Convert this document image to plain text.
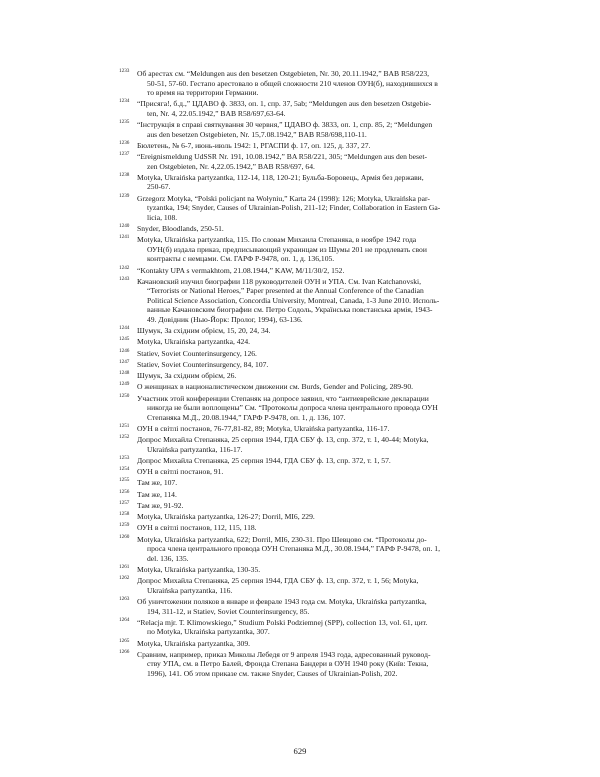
1233 Об арестах см. “Meldungen aus den besetzen Ostgebieten, Nr. 30, 20.11.1942,” BAB R58/223,
50-51, 57-60. Гестапо арестовало в общей сложности 210 членов ОУН(б), находившихся в
то время на территории Германии.
1234 “Присяга!, б.д.,” ЦДАВО ф. 3833, оп. 1, спр. 37, 5ab; “Meldungen aus den besetzen Ostgebie-
ten, Nr. 4, 22.05.1942,” BAB R58/697,63-64.
1235 “Інструкція в справі святкування 30 червня,” ЦДАВО ф. 3833, оп. 1, спр. 85, 2; “Meldungen
aus den besetzen Ostgebieten, Nr. 15,7.08.1942,” BAB R58/698,110-11.
1236 Бюлетень, № 6-7, июнь-июль 1942: 1, РГАСПИ ф. 17, оп. 125, д. 337, 27.
1237 “Ereignismeldung UdSSR Nr. 191, 10.08.1942,” BA R58/221, 305; “Meldungen aus den beset-
zen Ostgebieten, Nr. 4,22.05.1942,” BAB R58/697, 64.
1238 Motyka, Ukraińska partyzantka, 112-14, 118, 120-21; Бульба-Боровець, Армія без держави,
250-67.
1239 Grzegorz Motyka, “Polski policjant na Wołyniu,” Karta 24 (1998): 126; Motyka, Ukraińska par-
tyzantka, 194; Snyder, Causes of Ukrainian-Polish, 211-12; Finder, Collaboration in Eastern Ga-
licia, 108.
1240 Snyder, Bloodlands, 250-51.
1241 Motyka, Ukraińska partyzantka, 115. По словам Михаила Степаняка, в ноябре 1942 года
ОУН(б) издала приказ, предписывающий украинцам из Шумы 201 не продлевать свои
контракты с немцами. См. ГАРФ Р-9478, оп. 1, д. 136,105.
1242 “Kontakty UPA s vermakhtom, 21.08.1944,” KAW, M/11/30/2, 152.
1243 Качановский изучил биографии 118 руководителей ОУН и УПА. См. Ivan Katchanovski,
“Terrorists or National Heroes,” Paper presented at the Annual Conference of the Canadian
Political Science Association, Concordia University, Montreal, Canada, 1-3 June 2010. Исполь-
ванные Качановским биографии см. Петро Содоль, Українська повстанська армія, 1943-
49. Довідник (Нью-Йорк: Пролог, 1994), 63-136.
1244 Шумук, За східним обрієм, 15, 20, 24, 34.
1245 Motyka, Ukraińska partyzantka, 424.
1246 Statiev, Soviet Counterinsurgency, 126.
1247 Statiev, Soviet Counterinsurgency, 84, 107.
1248 Шумук, За східним обрієм, 26.
1249 О женщинах в националистическом движении см. Burds, Gender and Policing, 289-90.
1250 Участник этой конференции Степаняк на допросе заявил, что “антиеврейские декларации
никогда не были воплощены” См. “Протоколы допроса члена центрального провода ОУН
Степаняка М.Д., 20.08.1944,” ГАРФ Р-9478, оп. 1, д. 136, 107.
1251 ОУН в світлі постанов, 76-77,81-82, 89; Motyka, Ukraińska partyzantka, 116-17.
1252 Допрос Михайла Степаняка, 25 серпня 1944, ГДА СБУ ф. 13, спр. 372, т. 1, 40-44; Motyka,
Ukraińska partyzantka, 116-17.
1253 Допрос Михайла Степаняка, 25 серпня 1944, ГДА СБУ ф. 13, спр. 372, т. 1, 57.
1254 ОУН в світлі постанов, 91.
1255 Там же, 107.
1256 Там же, 114.
1257 Там же, 91-92.
1258 Motyka, Ukraińska partyzantka, 126-27; Dorril, MI6, 229.
1259 ОУН в світлі постанов, 112, 115, 118.
1260 Motyka, Ukraińska partyzantka, 622; Dorril, MI6, 230-31. Про Шевцово см. “Протоколы до-
проса члена центрального провода ОУН Степаняка М.Д., 30.08.1944,” ГАРФ Р-9478, оп. 1,
del. 136, 135.
1261 Motyka, Ukraińska partyzantka, 130-35.
1262 Допрос Михайла Степаняка, 25 серпня 1944, ГДА СБУ ф. 13, спр. 372, т. 1, 56; Motyka,
Ukraińska partyzantka, 116.
1263 Об уничтожении поляков в январе и феврале 1943 года см. Motyka, Ukraińska partyzantka,
194, 311-12, и Statiev, Soviet Counterinsurgency, 85.
1264 “Relacja mjr. T. Klimowskiego,” Studium Polski Podziemnej (SPP), collection 13, vol. 61, цит.
по Motyka, Ukraińska partyzantka, 307.
1265 Motyka, Ukraińska partyzantka, 309.
1266 Сравним, например, приказ Миколы Лебедя от 9 апреля 1943 года, адресованный руковод-
ству УПА, см. в Петро Балей, Фронда Степана Бандери в ОУН 1940 року (Київ: Текна,
1996), 141. Об этом приказе см. также Snyder, Causes of Ukrainian-Polish, 202.
629
